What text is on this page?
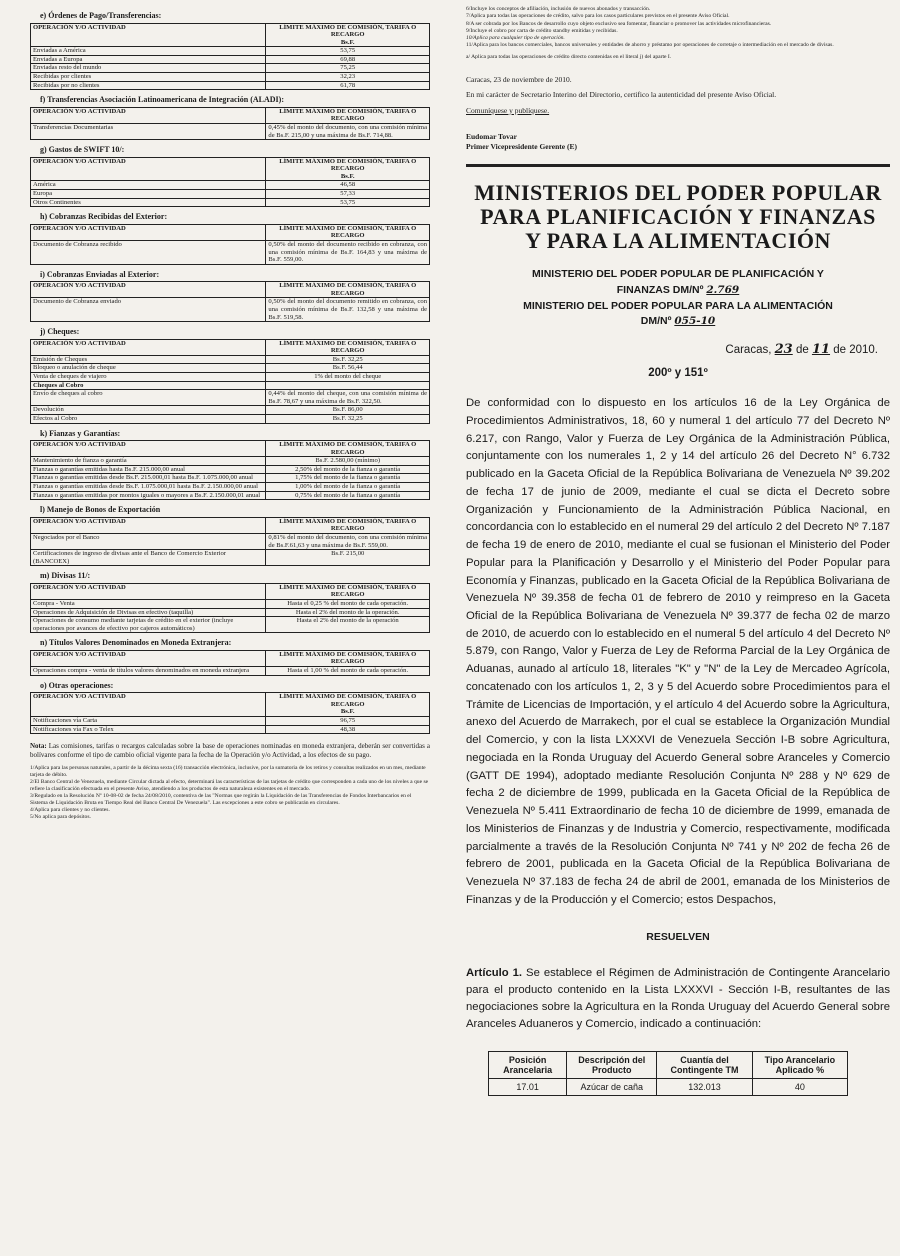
e) Órdenes de Pago/Transferencias:
OPERACIÓN Y/O ACTIVIDAD	LÍMITE MÁXIMO DE COMISIÓN, TARIFA O RECARGO
Bs.F.

Enviadas a América	53,75
Enviadas a Europa	69,88
Enviadas resto del mundo	75,25
Recibidas por clientes	32,23
Recibidas por no clientes	61,78
f) Transferencias Asociación Latinoamericana de Integración (ALADI):
OPERACIÓN Y/O ACTIVIDAD	LÍMITE MÁXIMO DE COMISIÓN, TARIFA O RECARGO

Transferencias Documentarias	0,45% del monto del documento, con una comisión mínima de Bs.F. 215,00 y una máxima de Bs.F. 714,88.
g) Gastos de SWIFT 10/:
OPERACIÓN Y/O ACTIVIDAD	LÍMITE MÁXIMO DE COMISIÓN, TARIFA O RECARGO
Bs.F.

América	46,58
Europa	57,33
Otros Continentes	53,75
h) Cobranzas Recibidas del Exterior:
OPERACIÓN Y/O ACTIVIDAD	LÍMITE MÁXIMO DE COMISIÓN, TARIFA O RECARGO

Documento de Cobranza recibido	0,50% del monto del documento recibido en cobranza, con una comisión mínima de Bs.F. 164,83 y una máxima de Bs.F. 559,00.
i) Cobranzas Enviadas al Exterior:
OPERACIÓN Y/O ACTIVIDAD	LÍMITE MÁXIMO DE COMISIÓN, TARIFA O RECARGO

Documento de Cobranza enviado	0,50% del monto del documento remitido en cobranza, con una comisión mínima de Bs.F. 132,58 y una máxima de Bs.F. 519,58.
j) Cheques:
OPERACIÓN Y/O ACTIVIDAD	LÍMITE MÁXIMO DE COMISIÓN, TARIFA O RECARGO

Emisión de Cheques	Bs.F. 32,25
Bloqueo o anulación de cheque	Bs.F. 56,44
Venta de cheques de viajero	1% del monto del cheque
Cheques al Cobro	
Envío de cheques al cobro	0,44% del monto del cheque, con una comisión mínima de Bs.F. 78,67 y una máxima de Bs.F. 322,50.
Devolución	Bs.F. 86,00
Efectos al Cobro	Bs.F. 32,25
k) Fianzas y Garantías:
OPERACIÓN Y/O ACTIVIDAD	LÍMITE MÁXIMO DE COMISIÓN, TARIFA O RECARGO

Mantenimiento de fianza o garantía	Bs.F. 2.580,00 (mínimo)
Fianzas o garantías emitidas hasta Bs.F. 215.000,00 anual	2,50% del monto de la fianza o garantía
Fianzas o garantías emitidas desde Bs.F. 215.000,01 hasta Bs.F. 1.075.000,00 anual	1,75% del monto de la fianza o garantía
Fianzas o garantías emitidas desde Bs.F. 1.075.000,01 hasta Bs.F. 2.150.000,00 anual	1,00% del monto de la fianza o garantía
Fianzas o garantías emitidas por montos iguales o mayores a Bs.F. 2.150.000,01 anual	0,75% del monto de la fianza o garantía
l) Manejo de Bonos de Exportación
OPERACIÓN Y/O ACTIVIDAD	LÍMITE MÁXIMO DE COMISIÓN, TARIFA O RECARGO

Negociados por el Banco	0,81% del monto del documento, con una comisión mínima de Bs.F.61,63 y una máxima de Bs.F. 559,00.
Certificaciones de ingreso de divisas ante el Banco de Comercio Exterior (BANCOEX)	Bs.F. 215,00
m) Divisas 11/:
OPERACIÓN Y/O ACTIVIDAD	LÍMITE MÁXIMO DE COMISIÓN, TARIFA O RECARGO

Compra - Venta	Hasta el 0,25 % del monto de cada operación.
Operaciones de Adquisición de Divisas en efectivo (taquilla)	Hasta el 2% del monto de la operación.
Operaciones de consumo mediante tarjetas de crédito en el exterior (incluye operaciones por avances de efectivo por cajeros automáticos)	Hasta el 2% del monto de la operación
n) Títulos Valores Denominados en Moneda Extranjera:
OPERACIÓN Y/O ACTIVIDAD	LÍMITE MÁXIMO DE COMISIÓN, TARIFA O RECARGO

Operaciones compra - venta de títulos valores denominados en moneda extranjera	Hasta el 1,00 % del monto de cada operación.
o) Otras operaciones:
OPERACIÓN Y/O ACTIVIDAD	LÍMITE MÁXIMO DE COMISIÓN, TARIFA O RECARGO
Bs.F.

Notificaciones vía Carta	96,75
Notificaciones vía Fax o Telex	48,38
Nota: Las comisiones, tarifas o recargos calculadas sobre la base de operaciones nominadas en moneda extranjera, deberán ser convertidas a bolívares conforme el tipo de cambio oficial vigente para la fecha de la Operación y/o Actividad, a los efectos de su pago.
1/Aplica para las personas naturales, a partir de la décima sexta (16) transacción electrónica, inclusive, por la sumatoria de los retiros y consultas realizados en un mes, mediante tarjeta de débito.
2/El Banco Central de Venezuela, mediante Circular dictada al efecto, determinará las características de las tarjetas de crédito que corresponden a cada uno de los niveles a que se refiere la clasificación efectuada en el presente Aviso, atendiendo a los productos de esta naturaleza existentes en el mercado.
3/Regulado en la Resolución Nº 10-08-02 de fecha 24/08/2010, contentiva de las "Normas que regirán la Liquidación de las Transferencias de Fondos Interbancarios en el Sistema de Liquidación Bruta en Tiempo Real del Banco Central De Venezuela". Las excepciones a este cobro se publicarán en circulares.
4/Aplica para clientes y no clientes.
5/No aplica para depósitos.
6/Incluye los conceptos de afiliación, inclusión de nuevos abonados y transacción.
7/Aplica para todas las operaciones de crédito, salvo para los casos particulares previstos en el presente Aviso Oficial.
8/A ser cobrada por los Bancos de desarrollo cuyo objeto exclusivo sea fomentar, financiar o promover las actividades microfinancieras.
9/Incluye el cobro por carta de crédito standby emitidas y recibidas.
10/Aplica para cualquier tipo de operación.
11/Aplica para los bancos comerciales, bancos universales y entidades de ahorro y préstamo por operaciones de corretaje o intermediación en el mercado de divisas.
a/ Aplica para todas las operaciones de crédito directo contenidas en el literal j) del aparte I.
Caracas, 23 de noviembre de 2010.
En mi carácter de Secretario Interino del Directorio, certifico la autenticidad del presente Aviso Oficial.
Comuníquese y publíquese.
Eudomar Tovar
Primer Vicepresidente Gerente (E)
MINISTERIOS DEL PODER POPULAR
PARA PLANIFICACIÓN Y FINANZAS
Y PARA LA ALIMENTACIÓN
MINISTERIO DEL PODER POPULAR DE PLANIFICACIÓN Y
FINANZAS DM/Nº 2.769
MINISTERIO DEL PODER POPULAR PARA LA ALIMENTACIÓN
DM/Nº 055-10
Caracas, 23 de 11 de 2010.
200º y 151º
De conformidad con lo dispuesto en los artículos 16 de la Ley Orgánica de Procedimientos Administrativos, 18, 60 y numeral 1 del artículo 77 del Decreto Nº 6.217, con Rango, Valor y Fuerza de Ley Orgánica de la Administración Pública, conjuntamente con los numerales 1, 2 y 14 del artículo 26 del Decreto N° 6.732 publicado en la Gaceta Oficial de la República Bolivariana de Venezuela Nº 39.202 de fecha 17 de junio de 2009, mediante el cual se dicta el Decreto sobre Organización y Funcionamiento de la Administración Pública Nacional, en concordancia con lo establecido en el numeral 29 del artículo 2 del Decreto Nº 7.187 de fecha 19 de enero de 2010, mediante el cual se fusionan el Ministerio del Poder Popular para la Planificación y Desarrollo y el Ministerio del Poder Popular para Economía y Finanzas, publicado en la Gaceta Oficial de la República Bolivariana de Venezuela Nº 39.358 de fecha 01 de febrero de 2010 y reimpreso en la Gaceta Oficial de la República Bolivariana de Venezuela Nº 39.377 de fecha 02 de marzo de 2010, de acuerdo con lo establecido en el numeral 5 del artículo 4 del Decreto Nº 5.879, con Rango, Valor y Fuerza de Ley de Reforma Parcial de la Ley Orgánica de Aduanas, aunado al artículo 18, literales "K" y "N" de la Ley de Mercadeo Agrícola, concatenado con los artículos 1, 2, 3 y 5 del Acuerdo sobre Procedimientos para el Trámite de Licencias de Importación, y el artículo 4 del Acuerdo sobre la Agricultura, anexo del Acuerdo de Marrakech, por el cual se establece la Organización Mundial del Comercio, y con la lista LXXXVI de Venezuela Sección I-B sobre Agricultura, negociada en la Ronda Uruguay del Acuerdo General sobre Aranceles y Comercio (GATT DE 1994), adoptado mediante Resolución Conjunta Nº 288 y Nº 629 de fecha 2 de diciembre de 1999, publicada en la Gaceta Oficial de la República de Venezuela Nº 5.411 Extraordinario de fecha 10 de diciembre de 1999, emanada de los Ministerios de Finanzas y de Industria y Comercio, respectivamente, modificada parcialmente a través de la Resolución Conjunta Nº 741 y Nº 202 de fecha 26 de febrero de 2001, publicada en la Gaceta Oficial de la República Bolivariana de Venezuela Nº 37.183 de fecha 24 de abril de 2001, emanada de los Ministerios de Finanzas y de la Producción y el Comercio; estos Despachos,
RESUELVEN
Artículo 1. Se establece el Régimen de Administración de Contingente Arancelario para el producto contenido en la Lista LXXXVI - Sección I-B, resultantes de las negociaciones sobre la Agricultura en la Ronda Uruguay del Acuerdo General sobre Aranceles Aduaneros y Comercio, indicado a continuación:
Posición Arancelaria	Descripción del Producto	Cuantía del Contingente TM	Tipo Arancelario Aplicado %
17.01	Azúcar de caña	132.013	40
